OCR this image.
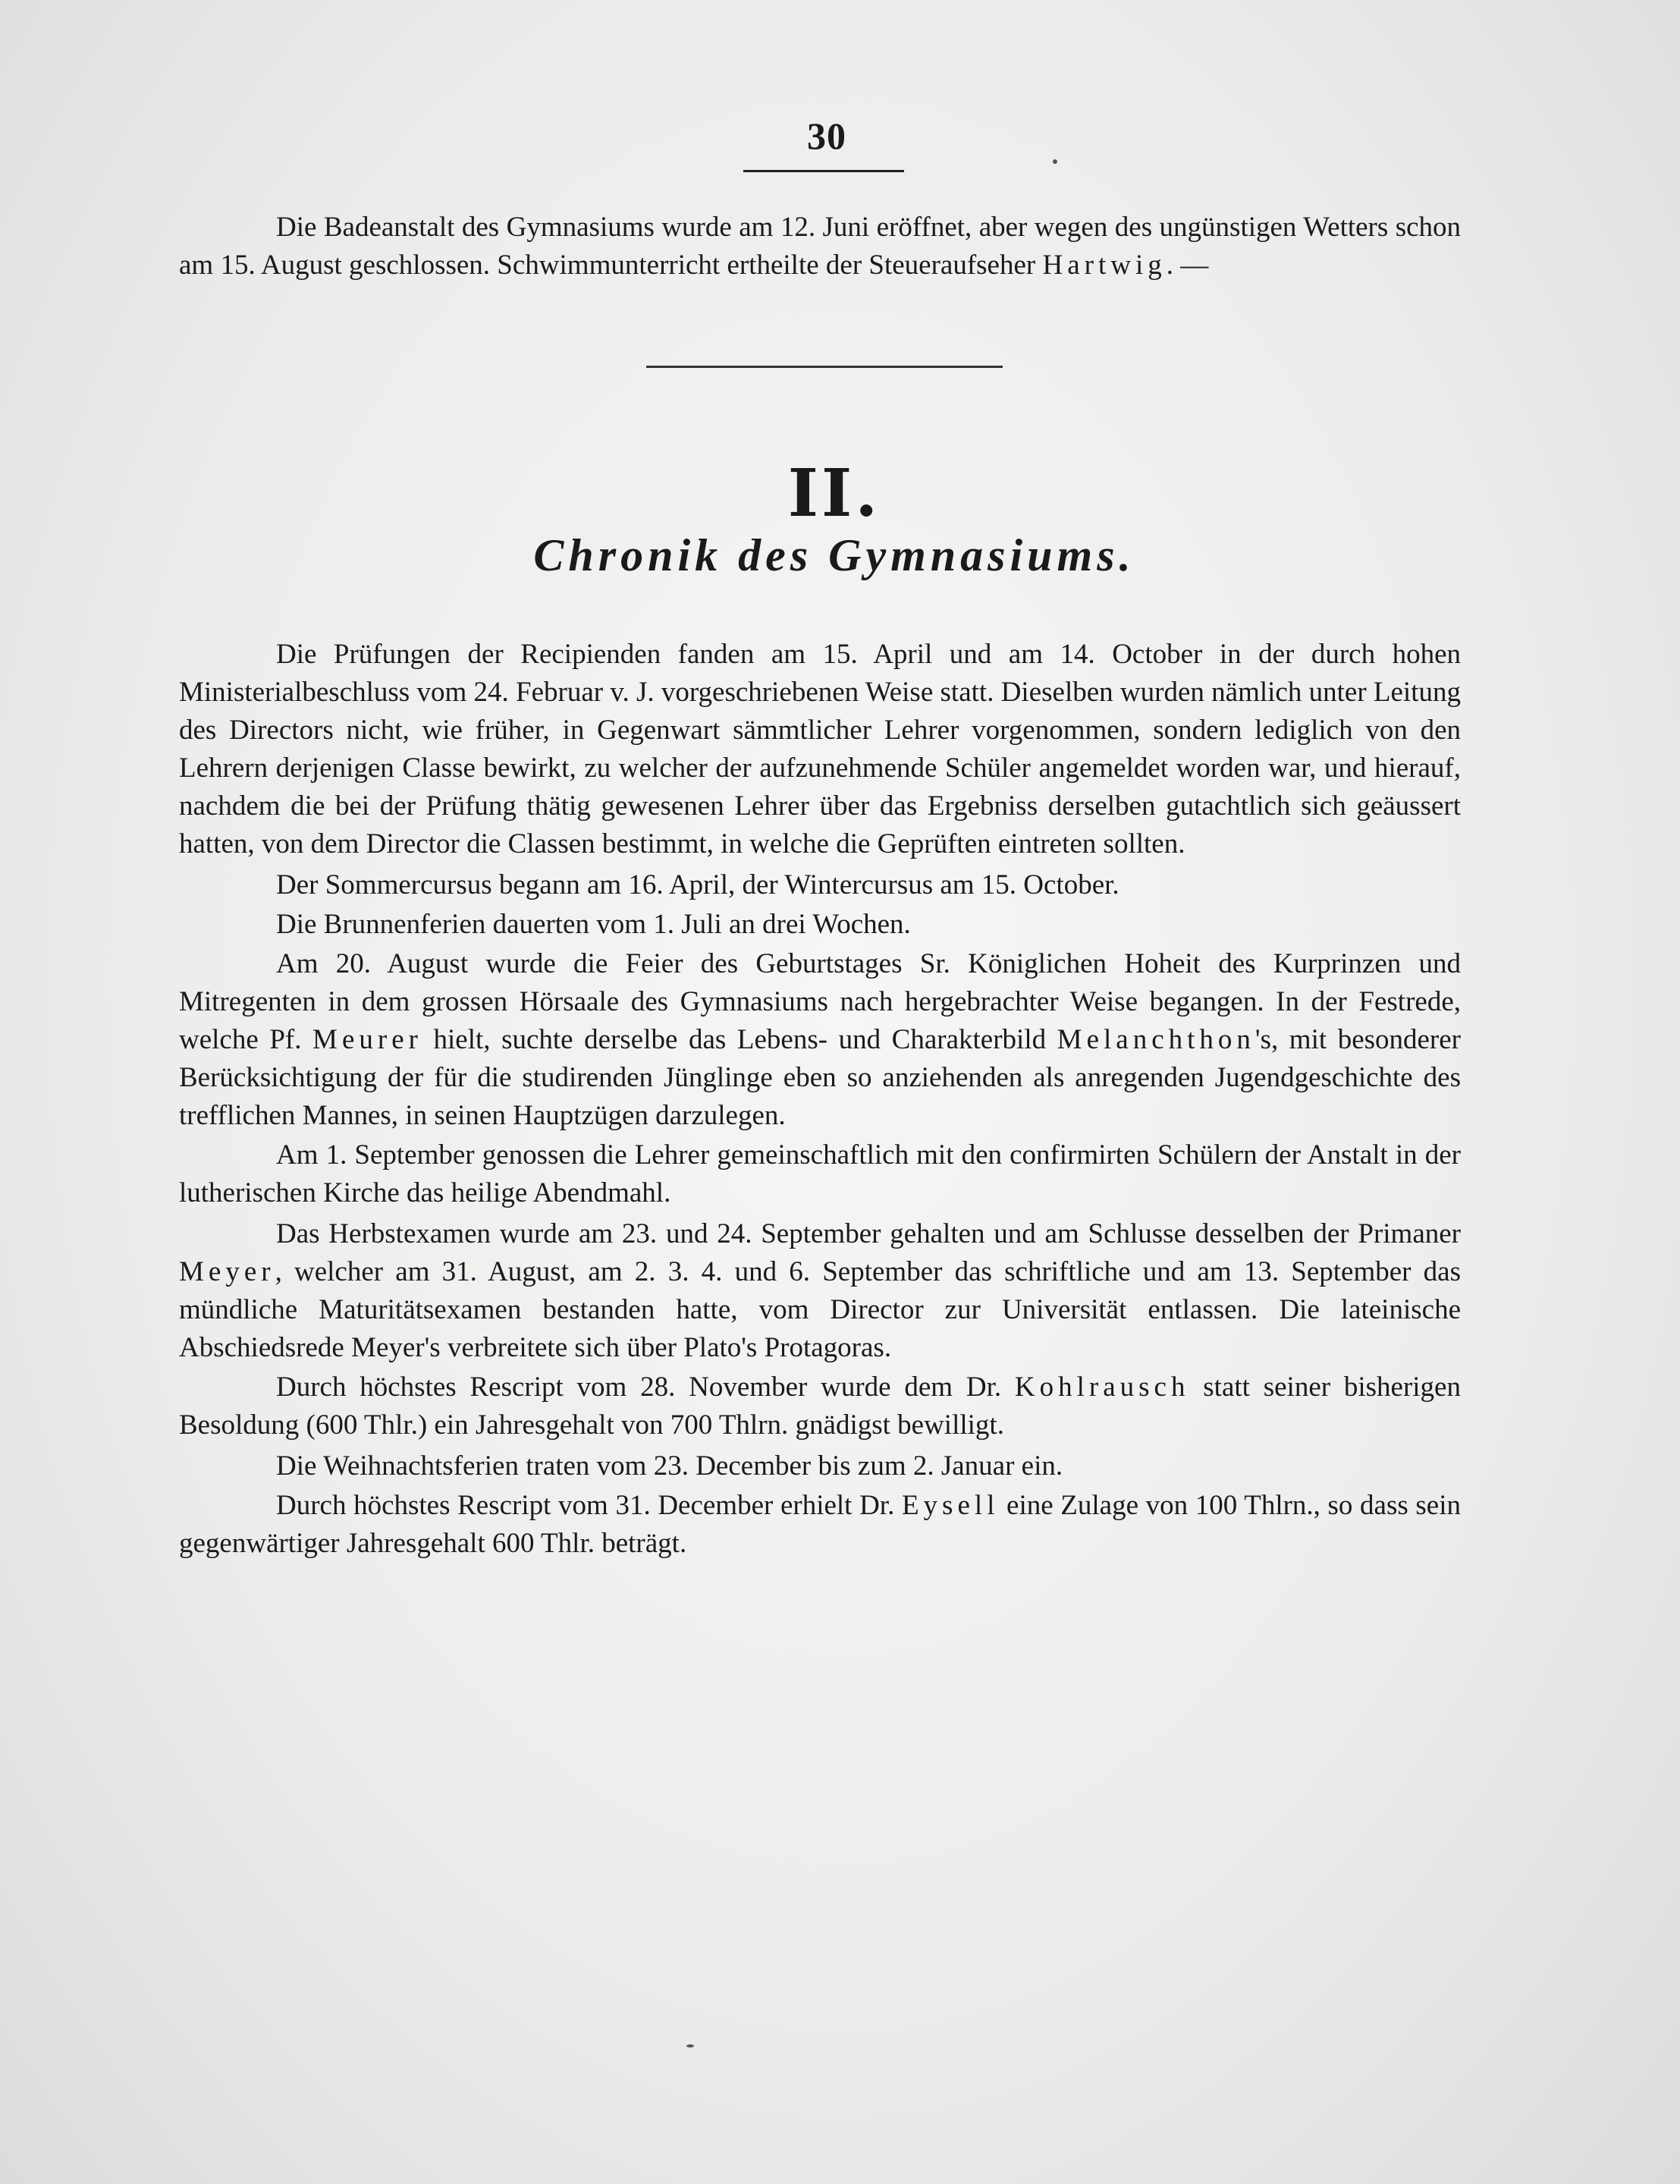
30

Die Badeanstalt des Gymnasiums wurde am 12. Juni eröffnet, aber wegen des ungünstigen Wetters schon am 15. August geschlossen. Schwimmunterricht ertheilte der Steueraufseher Hartwig. —

II.
Chronik des Gymnasiums.

Die Prüfungen der Recipienden fanden am 15. April und am 14. October in der durch hohen Ministerialbeschluss vom 24. Februar v. J. vorgeschriebenen Weise statt. Dieselben wurden nämlich unter Leitung des Directors nicht, wie früher, in Gegenwart sämmtlicher Lehrer vorgenommen, sondern lediglich von den Lehrern derjenigen Classe bewirkt, zu welcher der aufzunehmende Schüler angemeldet worden war, und hierauf, nachdem die bei der Prüfung thätig gewesenen Lehrer über das Ergebniss derselben gutachtlich sich geäussert hatten, von dem Director die Classen bestimmt, in welche die Geprüften eintreten sollten.

Der Sommercursus begann am 16. April, der Wintercursus am 15. October.

Die Brunnenferien dauerten vom 1. Juli an drei Wochen.

Am 20. August wurde die Feier des Geburtstages Sr. Königlichen Hoheit des Kurprinzen und Mitregenten in dem grossen Hörsaale des Gymnasiums nach hergebrachter Weise begangen. In der Festrede, welche Pf. Meurer hielt, suchte derselbe das Lebens- und Charakterbild Melanchthon's, mit besonderer Berücksichtigung der für die studirenden Jünglinge eben so anziehenden als anregenden Jugendgeschichte des trefflichen Mannes, in seinen Hauptzügen darzulegen.

Am 1. September genossen die Lehrer gemeinschaftlich mit den confirmirten Schülern der Anstalt in der lutherischen Kirche das heilige Abendmahl.

Das Herbstexamen wurde am 23. und 24. September gehalten und am Schlusse desselben der Primaner Meyer, welcher am 31. August, am 2. 3. 4. und 6. September das schriftliche und am 13. September das mündliche Maturitätsexamen bestanden hatte, vom Director zur Universität entlassen. Die lateinische Abschiedsrede Meyer's verbreitete sich über Plato's Protagoras.

Durch höchstes Rescript vom 28. November wurde dem Dr. Kohlrausch statt seiner bisherigen Besoldung (600 Thlr.) ein Jahresgehalt von 700 Thlrn. gnädigst bewilligt.

Die Weihnachtsferien traten vom 23. December bis zum 2. Januar ein.

Durch höchstes Rescript vom 31. December erhielt Dr. Eysell eine Zulage von 100 Thlrn., so dass sein gegenwärtiger Jahresgehalt 600 Thlr. beträgt.
